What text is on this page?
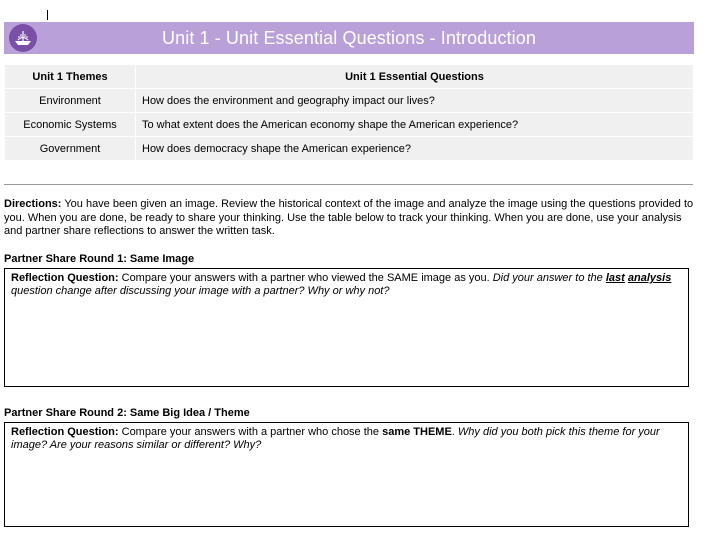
Unit 1 - Unit Essential Questions - Introduction
Unit 1 Themes	Unit 1 Essential Questions
Environment	How does the environment and geography impact our lives?
Economic Systems	To what extent does the American economy shape the American experience?
Government	How does democracy shape the American experience?
Directions: You have been given an image. Review the historical context of the image and analyze the image using the questions provided to you. When you are done, be ready to share your thinking. Use the table below to track your thinking. When you are done, use your analysis and partner share reflections to answer the written task.
Partner Share Round 1: Same Image
Reflection Question: Compare your answers with a partner who viewed the SAME image as you. Did your answer to the last analysis
question change after discussing your image with a partner? Why or why not?
Partner Share Round 2: Same Big Idea / Theme
Reflection Question: Compare your answers with a partner who chose the same THEME. Why did you both pick this theme for your image? Are your reasons similar or different? Why?
